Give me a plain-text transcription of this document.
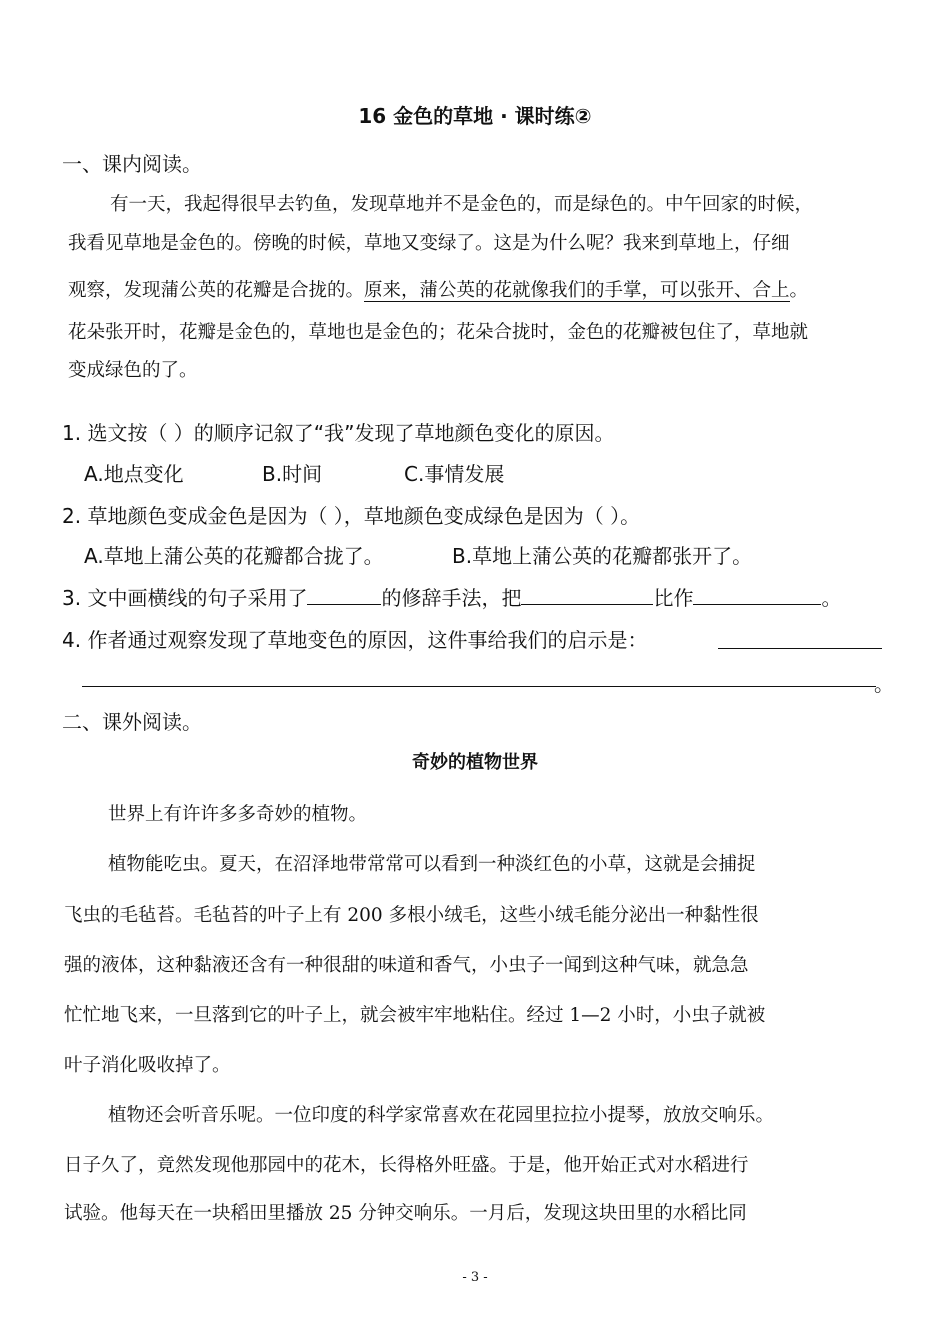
16 金色的草地 · 课时练②
一、课内阅读。
有一天，我起得很早去钓鱼，发现草地并不是金色的，而是绿色的。中午回家的时候，
我看见草地是金色的。傍晚的时候，草地又变绿了。这是为什么呢？我来到草地上，仔细
观察，发现蒲公英的花瓣是合拢的。原来，蒲公英的花就像我们的手掌，可以张开、合上。
花朵张开时，花瓣是金色的，草地也是金色的；花朵合拢时，金色的花瓣被包住了，草地就
变成绿色的了。
1. 选文按（ ）的顺序记叙了“我”发现了草地颜色变化的原因。
A.地点变化	B.时间	C.事情发展
2. 草地颜色变成金色是因为（ ），草地颜色变成绿色是因为（ ）。
A.草地上蒲公英的花瓣都合拢了。	B.草地上蒲公英的花瓣都张开了。
3. 文中画横线的句子采用了	的修辞手法，把	比作	。
4. 作者通过观察发现了草地变色的原因，这件事给我们的启示是：
。
二、课外阅读。
奇妙的植物世界
世界上有许许多多奇妙的植物。
植物能吃虫。夏天，在沼泽地带常常可以看到一种淡红色的小草，这就是会捕捉
飞虫的毛毡苔。毛毡苔的叶子上有 200 多根小绒毛，这些小绒毛能分泌出一种黏性很
强的液体，这种黏液还含有一种很甜的味道和香气，小虫子一闻到这种气味，就急急
忙忙地飞来，一旦落到它的叶子上，就会被牢牢地粘住。经过 1—2 小时，小虫子就被
叶子消化吸收掉了。
植物还会听音乐呢。一位印度的科学家常喜欢在花园里拉拉小提琴，放放交响乐。
日子久了，竟然发现他那园中的花木，长得格外旺盛。于是，他开始正式对水稻进行
试验。他每天在一块稻田里播放 25 分钟交响乐。一月后，发现这块田里的水稻比同
- 3 -
